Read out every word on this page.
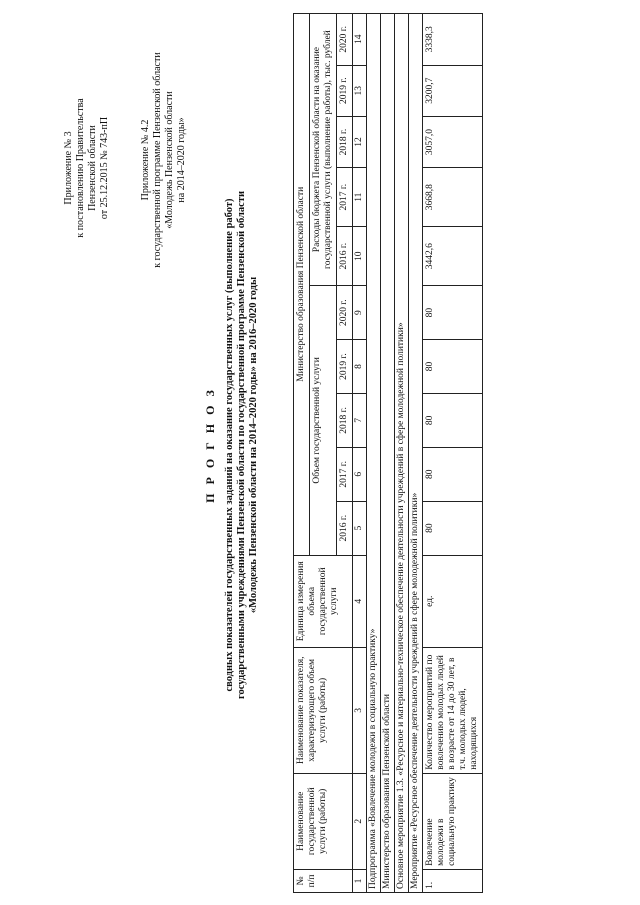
Приложение № 3 к постановлению Правительства Пензенской области от 25.12.2015 № 743-пП	Приложение № 4.2 к государственной программе Пензенской области «Молодежь Пензенской области на 2014–2020 годы»
П Р О Г Н О З сводных показателей государственных заданий на оказание государственных услуг (выполнение работ) государственными учреждениями Пензенской области по государственной программе Пензенской области «Молодежь Пензенской области на 2014–2020 годы» на 2016–2020 годы
№ п/п	Наименование государственной услуги (работы)	Наименование показателя, характеризующего объем услуги (работы)	Единица измерения объема государственной услуги	Министерство образования Пензенской области									
				Объем государственной услуги					Расходы бюджета Пензенской области на оказание государственной услуги (выполнение работы), тыс. рублей				
				2016 г.	2017 г.	2018 г.	2019 г.	2020 г.	2016 г.	2017 г.	2018 г.	2019 г.	2020 г.
1	2	3	4	5	6	7	8	9	10	11	12	13	14
Подпрограмма «Вовлечение молодежи в социальную практику»													
Министерство образования Пензенской области													
Основное мероприятие 1.3. «Ресурсное и материально-техническое обеспечение деятельности учреждений в сфере молодежной политики»													
Мероприятие «Ресурсное обеспечение деятельности учреждений в сфере молодежной политики»													
1.	Вовлечение молодежи в социальную практику	Количество мероприятий по вовлечению молодых людей в возрасте от 14 до 30 лет, в т.ч. молодых людей, находящихся	ед.	80	80	80	80	80	3442,6	3668,8	3057,0	3200,7	3338,3
